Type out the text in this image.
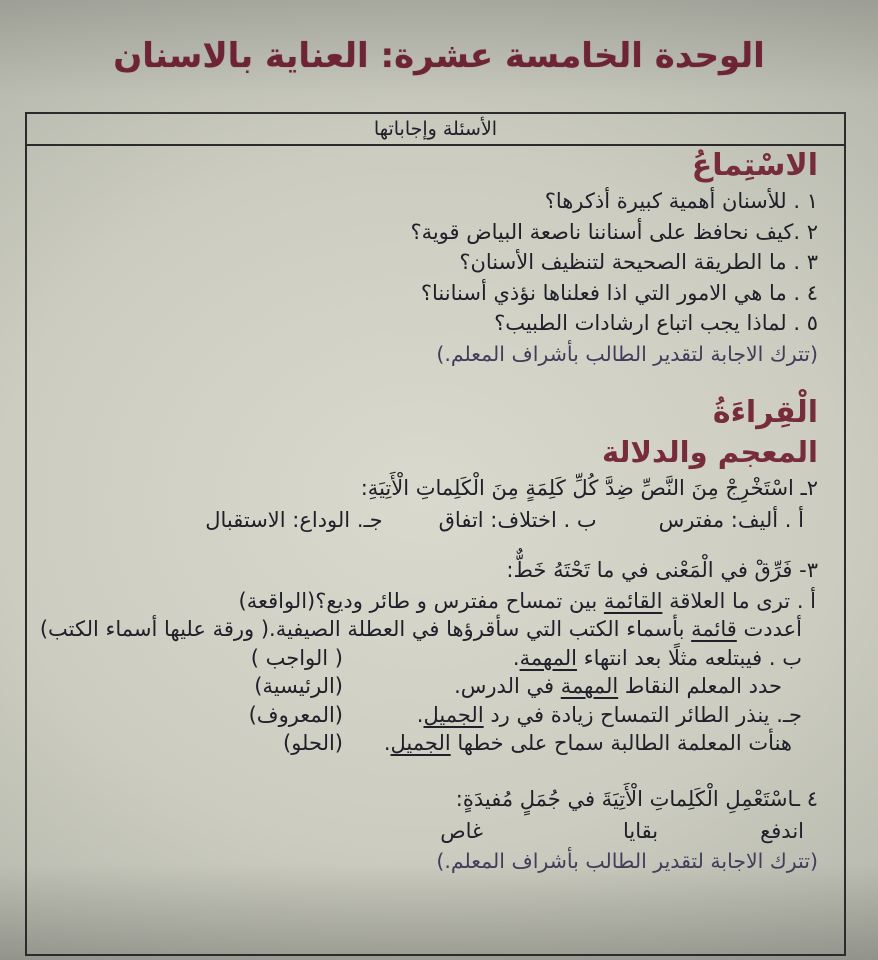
الوحدة الخامسة عشرة: العناية بالاسنان
الأسئلة وإجاباتها
الاسْتِماعُ
١ . للأسنان أهمية كبيرة أذكرها؟
٢ .كيف نحافظ على أسناننا ناصعة البياض قوية؟
٣ . ما الطريقة الصحيحة لتنظيف الأسنان؟
٤ . ما هي الامور التي اذا فعلناها نؤذي أسناننا؟
٥ . لماذا يجب اتباع ارشادات الطبيب؟
(تترك الاجابة لتقدير الطالب بأشراف المعلم.)
الْقِراءَةُ
المعجم والدلالة
٢ـ اسْتَخْرِجْ مِنَ النَّصِّ ضِدَّ كُلِّ كَلِمَةٍ مِنَ الْكَلِماتِ الْأَتِيَةِ:
أ . أليف: مفترس
ب . اختلاف: اتفاق
جـ. الوداع: الاستقبال
٣- فَرِّقْ في الْمَعْنى في ما تَحْتَهُ خَطٌّ:
أ . ترى ما العلاقة القائمة بين تمساح مفترس و طائر وديع؟
(الواقعة)
أعددت قائمة بأسماء الكتب التي سأقرؤها في العطلة الصيفية.
( ورقة عليها أسماء الكتب)
ب . فيبتلعه مثلًا بعد انتهاء المهمة.
( الواجب )
حدد المعلم النقاط المهمة في الدرس.
(الرئيسية)
جـ. ينذر الطائر التمساح زيادة في رد الجميل.
(المعروف)
هنأت المعلمة الطالبة سماح على خطها الجميل.
(الحلو)
٤ ـاسْتَعْمِلِ الْكَلِماتِ الْأَتِيَةَ في جُمَلٍ مُفيدَةٍ:
اندفع
بقايا
غاص
(تترك الاجابة لتقدير الطالب بأشراف المعلم.)
